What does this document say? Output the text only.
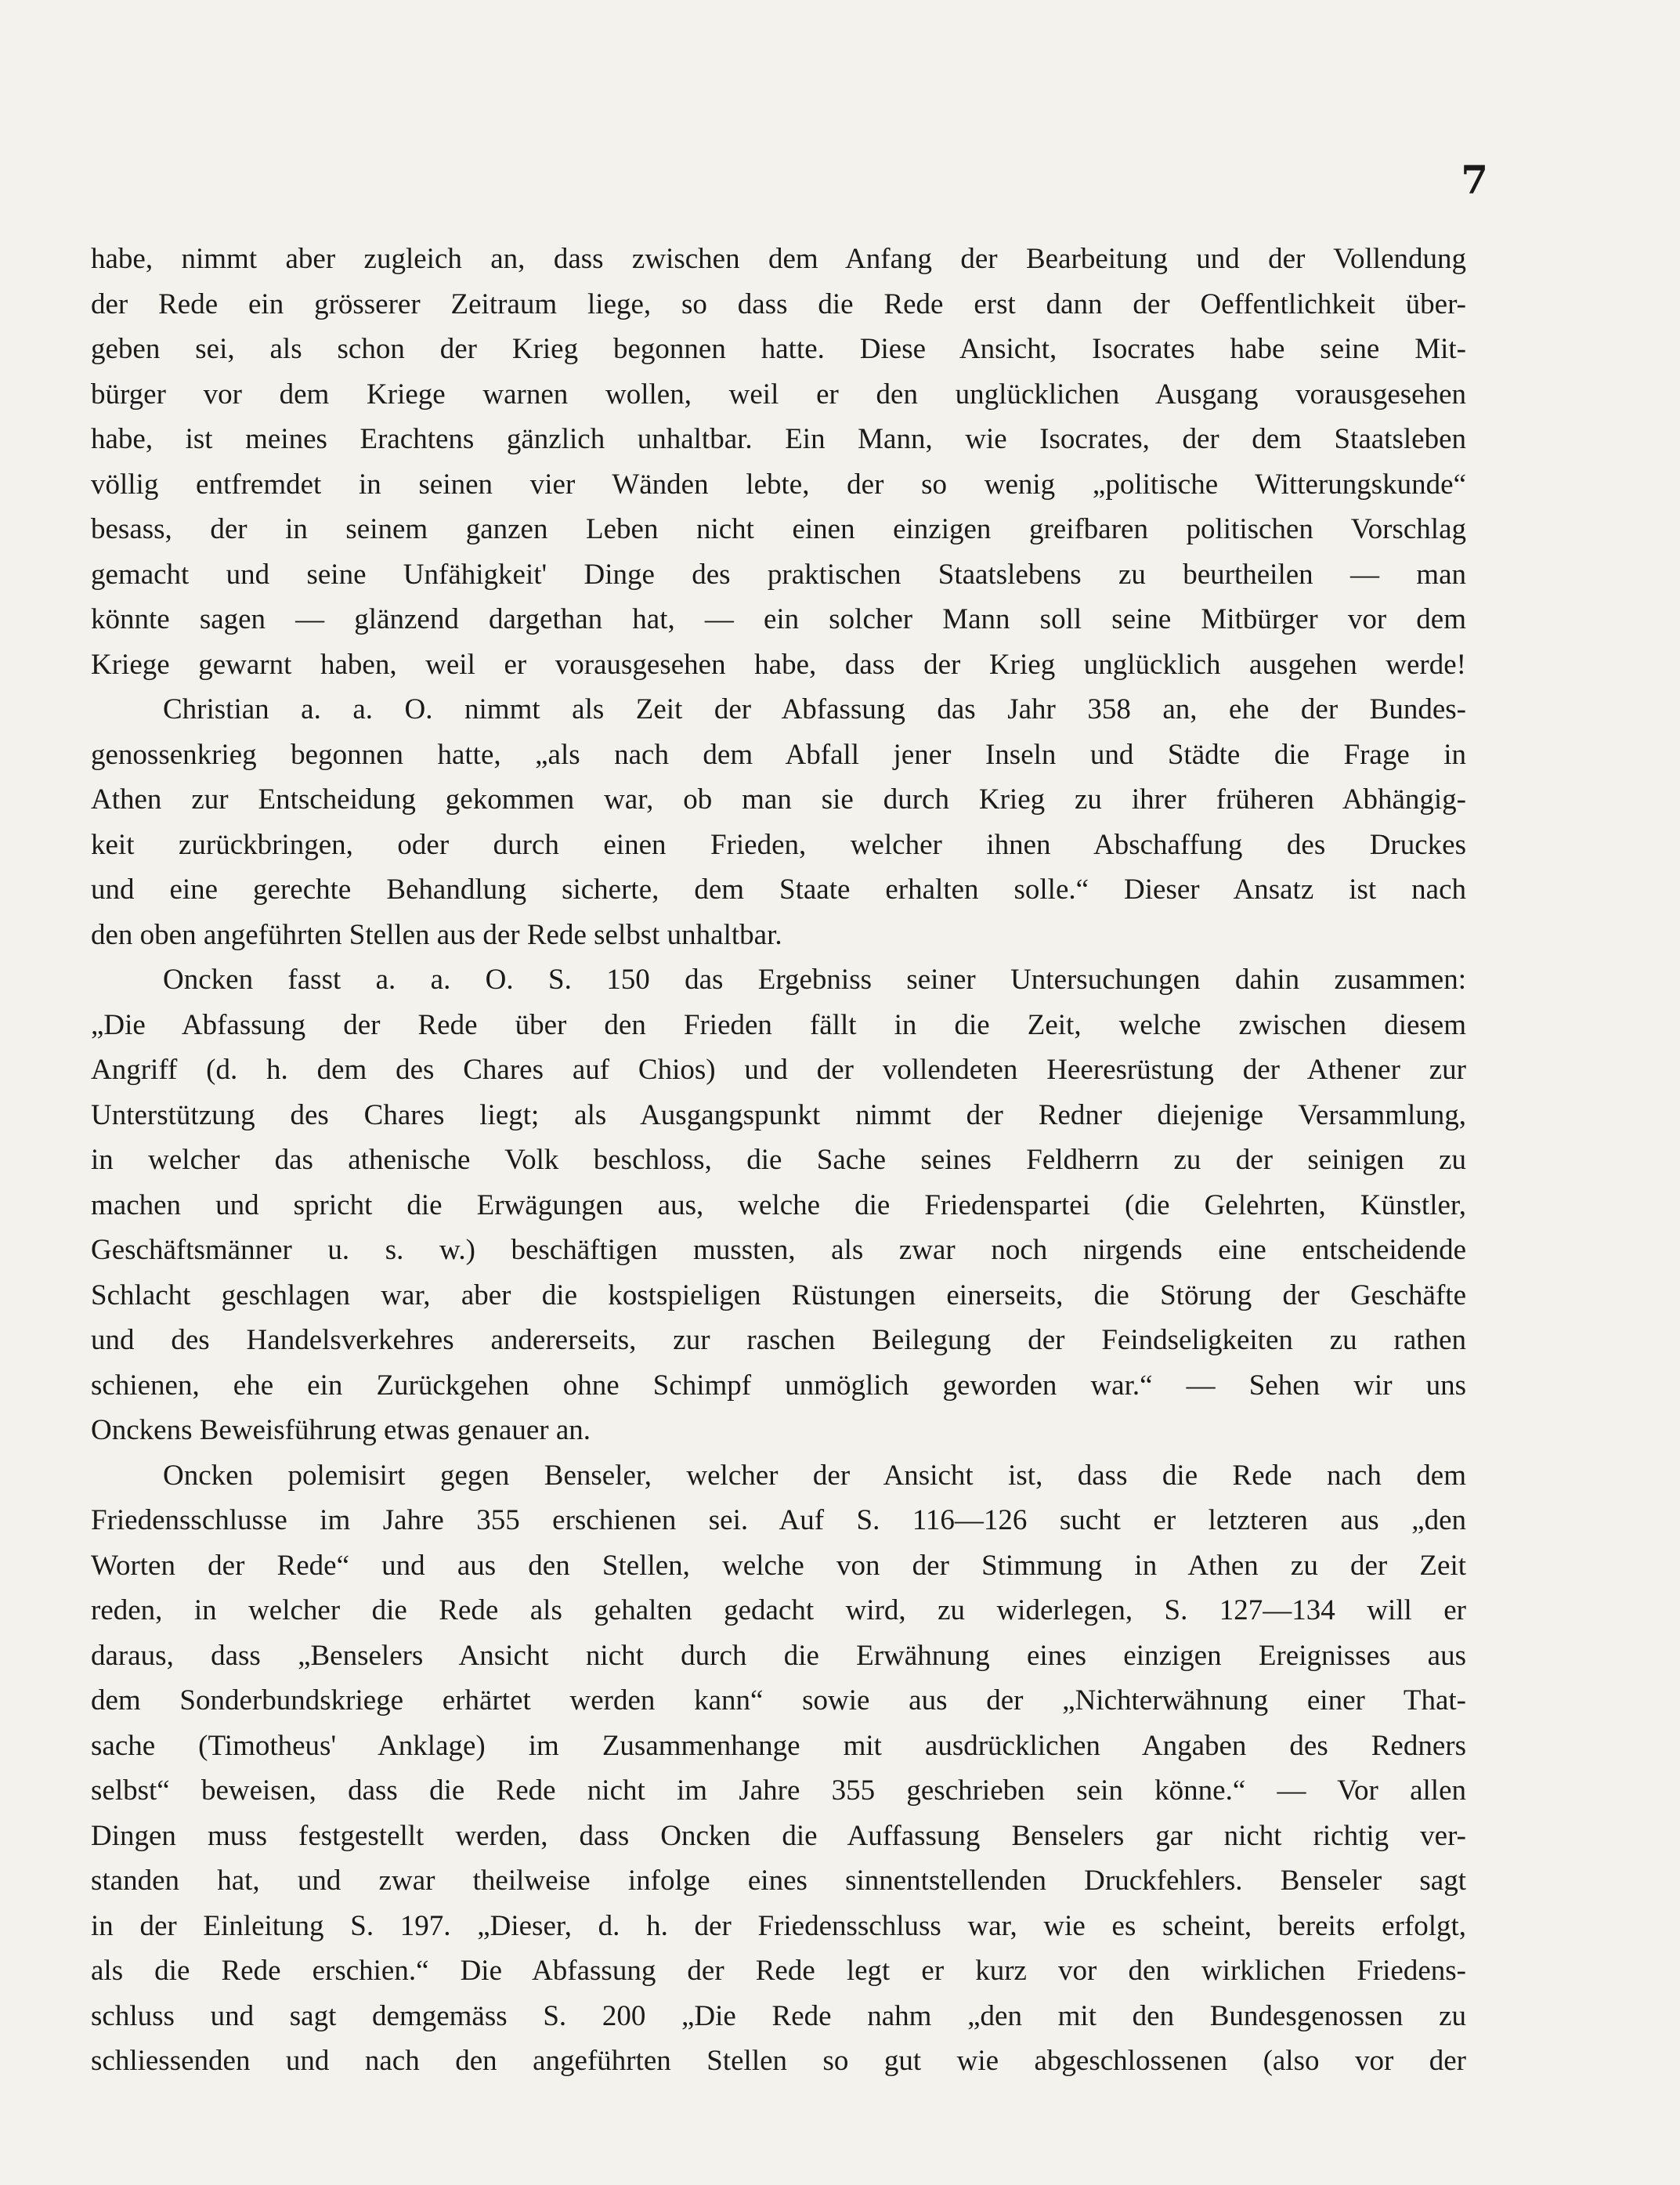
7
habe, nimmt aber zugleich an, dass zwischen dem Anfang der Bearbeitung und der Vollendung
der Rede ein grösserer Zeitraum liege, so dass die Rede erst dann der Oeffentlichkeit über-
geben sei, als schon der Krieg begonnen hatte. Diese Ansicht, Isocrates habe seine Mit-
bürger vor dem Kriege warnen wollen, weil er den unglücklichen Ausgang vorausgesehen
habe, ist meines Erachtens gänzlich unhaltbar. Ein Mann, wie Isocrates, der dem Staatsleben
völlig entfremdet in seinen vier Wänden lebte, der so wenig „politische Witterungskunde“
besass, der in seinem ganzen Leben nicht einen einzigen greifbaren politischen Vorschlag
gemacht und seine Unfähigkeit' Dinge des praktischen Staatslebens zu beurtheilen — man
könnte sagen — glänzend dargethan hat, — ein solcher Mann soll seine Mitbürger vor dem
Kriege gewarnt haben, weil er vorausgesehen habe, dass der Krieg unglücklich ausgehen werde!
Christian a. a. O. nimmt als Zeit der Abfassung das Jahr 358 an, ehe der Bundes-
genossenkrieg begonnen hatte, „als nach dem Abfall jener Inseln und Städte die Frage in
Athen zur Entscheidung gekommen war, ob man sie durch Krieg zu ihrer früheren Abhängig-
keit zurückbringen, oder durch einen Frieden, welcher ihnen Abschaffung des Druckes
und eine gerechte Behandlung sicherte, dem Staate erhalten solle.“ Dieser Ansatz ist nach
den oben angeführten Stellen aus der Rede selbst unhaltbar.
Oncken fasst a. a. O. S. 150 das Ergebniss seiner Untersuchungen dahin zusammen:
„Die Abfassung der Rede über den Frieden fällt in die Zeit, welche zwischen diesem
Angriff (d. h. dem des Chares auf Chios) und der vollendeten Heeresrüstung der Athener zur
Unterstützung des Chares liegt; als Ausgangspunkt nimmt der Redner diejenige Versammlung,
in welcher das athenische Volk beschloss, die Sache seines Feldherrn zu der seinigen zu
machen und spricht die Erwägungen aus, welche die Friedenspartei (die Gelehrten, Künstler,
Geschäftsmänner u. s. w.) beschäftigen mussten, als zwar noch nirgends eine entscheidende
Schlacht geschlagen war, aber die kostspieligen Rüstungen einerseits, die Störung der Geschäfte
und des Handelsverkehres andererseits, zur raschen Beilegung der Feindseligkeiten zu rathen
schienen, ehe ein Zurückgehen ohne Schimpf unmöglich geworden war.“ — Sehen wir uns
Onckens Beweisführung etwas genauer an.
Oncken polemisirt gegen Benseler, welcher der Ansicht ist, dass die Rede nach dem
Friedensschlusse im Jahre 355 erschienen sei. Auf S. 116—126 sucht er letzteren aus „den
Worten der Rede“ und aus den Stellen, welche von der Stimmung in Athen zu der Zeit
reden, in welcher die Rede als gehalten gedacht wird, zu widerlegen, S. 127—134 will er
daraus, dass „Benselers Ansicht nicht durch die Erwähnung eines einzigen Ereignisses aus
dem Sonderbundskriege erhärtet werden kann“ sowie aus der „Nichterwähnung einer That-
sache (Timotheus' Anklage) im Zusammenhange mit ausdrücklichen Angaben des Redners
selbst“ beweisen, dass die Rede nicht im Jahre 355 geschrieben sein könne.“ — Vor allen
Dingen muss festgestellt werden, dass Oncken die Auffassung Benselers gar nicht richtig ver-
standen hat, und zwar theilweise infolge eines sinnentstellenden Druckfehlers. Benseler sagt
in der Einleitung S. 197. „Dieser, d. h. der Friedensschluss war, wie es scheint, bereits erfolgt,
als die Rede erschien.“ Die Abfassung der Rede legt er kurz vor den wirklichen Friedens-
schluss und sagt demgemäss S. 200 „Die Rede nahm „den mit den Bundesgenossen zu
schliessenden und nach den angeführten Stellen so gut wie abgeschlossenen (also vor der
